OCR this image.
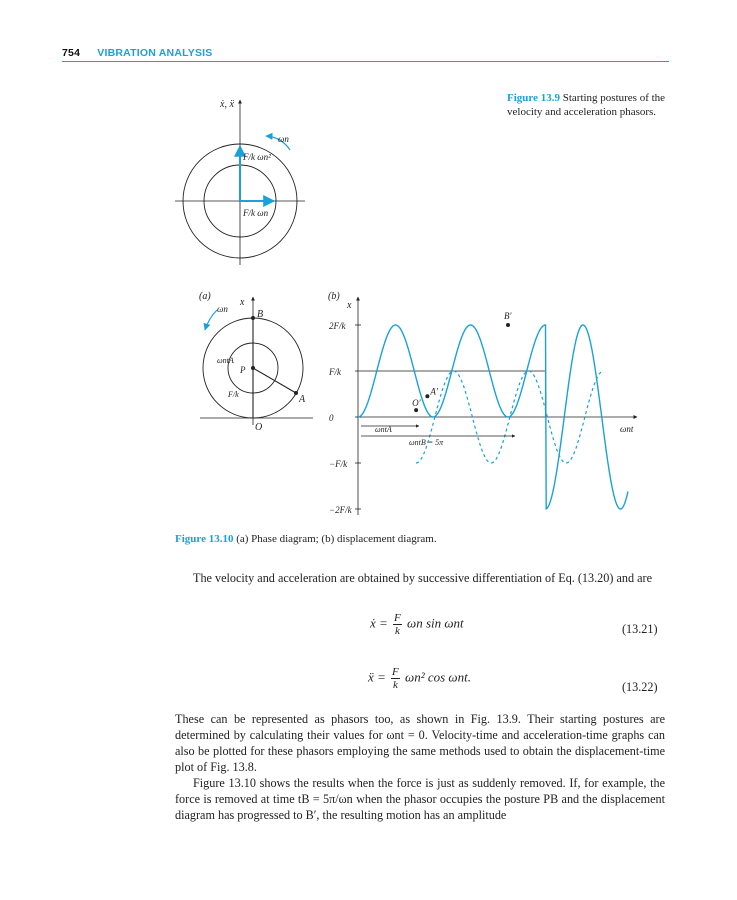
754 VIBRATION ANALYSIS
Figure 13.9 Starting postures of the velocity and acceleration phasors.
ẋ, ẍ
ωn
F/k ωn²
F/k ωn
(a)
x
ωn	B
A
O
P
ωntA
F/k
(b)
x
ωnt
2F/k
F/k
0
−F/k
−2F/k
O'
A'
B'
ωntA
ωntB = 5π
Figure 13.10 (a) Phase diagram; (b) displacement diagram.

The velocity and acceleration are obtained by successive differentiation of Eq. (13.20) and are

ẋ = $\frac{F}{k}$ ωn sin ωnt	(13.21)
ẍ = $\frac{F}{k} \omega n^2$ cos ωnt.
(13.22)

These can be represented as phasors too, as shown in Fig. 13.9. Their starting postures are determined by calculating their values for ωnt = 0. Velocity-time and acceleration-time graphs can also be plotted for these phasors employing the same methods used to obtain the displacement-time plot of Fig. 13.8.

Figure 13.10 shows the results when the force is just as suddenly removed. If, for example, the force is removed at time tB = 5π/ωn when the phasor occupies the posture PB and the displacement diagram has progressed to B′, the resulting motion has an amplitude
